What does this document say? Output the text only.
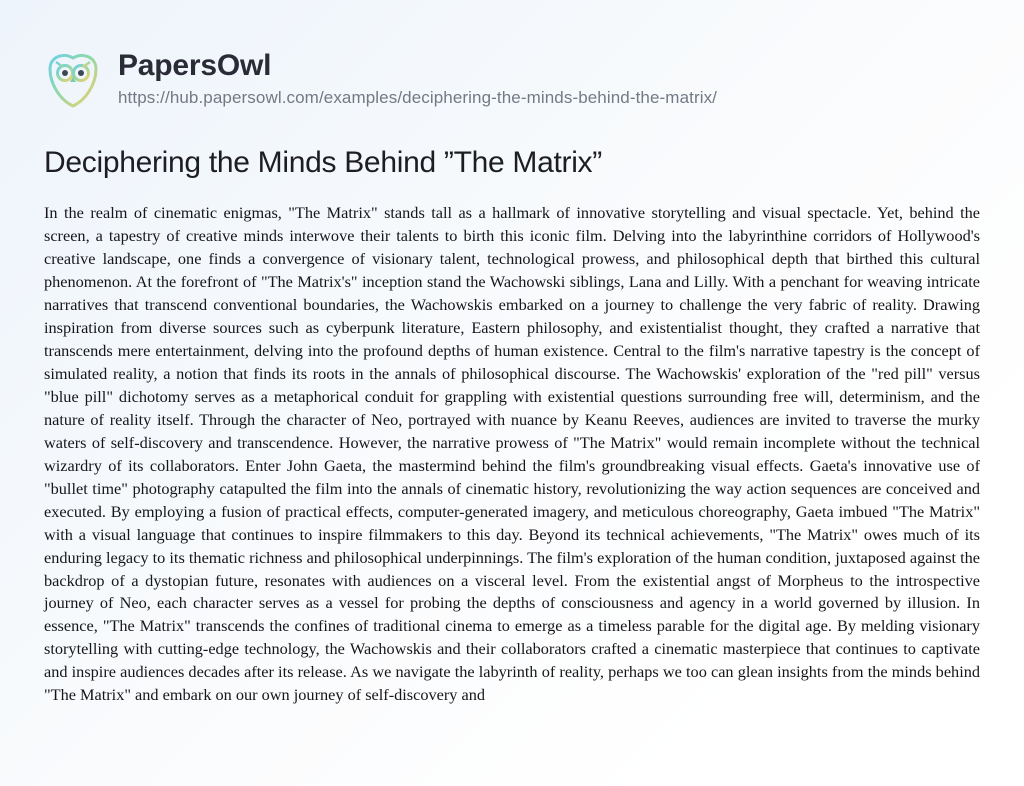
PapersOwl
https://hub.papersowl.com/examples/deciphering-the-minds-behind-the-matrix/
Deciphering the Minds Behind ”The Matrix”

In the realm of cinematic enigmas, "The Matrix" stands tall as a hallmark of innovative storytelling and visual spectacle. Yet, behind the screen, a tapestry of creative minds interwove their talents to birth this iconic film. Delving into the labyrinthine corridors of Hollywood's creative landscape, one finds a convergence of visionary talent, technological prowess, and philosophical depth that birthed this cultural phenomenon. At the forefront of "The Matrix's" inception stand the Wachowski siblings, Lana and Lilly. With a penchant for weaving intricate narratives that transcend conventional boundaries, the Wachowskis embarked on a journey to challenge the very fabric of reality. Drawing inspiration from diverse sources such as cyberpunk literature, Eastern philosophy, and existentialist thought, they crafted a narrative that transcends mere entertainment, delving into the profound depths of human existence. Central to the film's narrative tapestry is the concept of simulated reality, a notion that finds its roots in the annals of philosophical discourse. The Wachowskis' exploration of the "red pill" versus "blue pill" dichotomy serves as a metaphorical conduit for grappling with existential questions surrounding free will, determinism, and the nature of reality itself. Through the character of Neo, portrayed with nuance by Keanu Reeves, audiences are invited to traverse the murky waters of self-discovery and transcendence. However, the narrative prowess of "The Matrix" would remain incomplete without the technical wizardry of its collaborators. Enter John Gaeta, the mastermind behind the film's groundbreaking visual effects. Gaeta's innovative use of "bullet time" photography catapulted the film into the annals of cinematic history, revolutionizing the way action sequences are conceived and executed. By employing a fusion of practical effects, computer-generated imagery, and meticulous choreography, Gaeta imbued "The Matrix" with a visual language that continues to inspire filmmakers to this day. Beyond its technical achievements, "The Matrix" owes much of its enduring legacy to its thematic richness and philosophical underpinnings. The film's exploration of the human condition, juxtaposed against the backdrop of a dystopian future, resonates with audiences on a visceral level. From the existential angst of Morpheus to the introspective journey of Neo, each character serves as a vessel for probing the depths of consciousness and agency in a world governed by illusion. In essence, "The Matrix" transcends the confines of traditional cinema to emerge as a timeless parable for the digital age. By melding visionary storytelling with cutting-edge technology, the Wachowskis and their collaborators crafted a cinematic masterpiece that continues to captivate and inspire audiences decades after its release. As we navigate the labyrinth of reality, perhaps we too can glean insights from the minds behind "The Matrix" and embark on our own journey of self-discovery and
